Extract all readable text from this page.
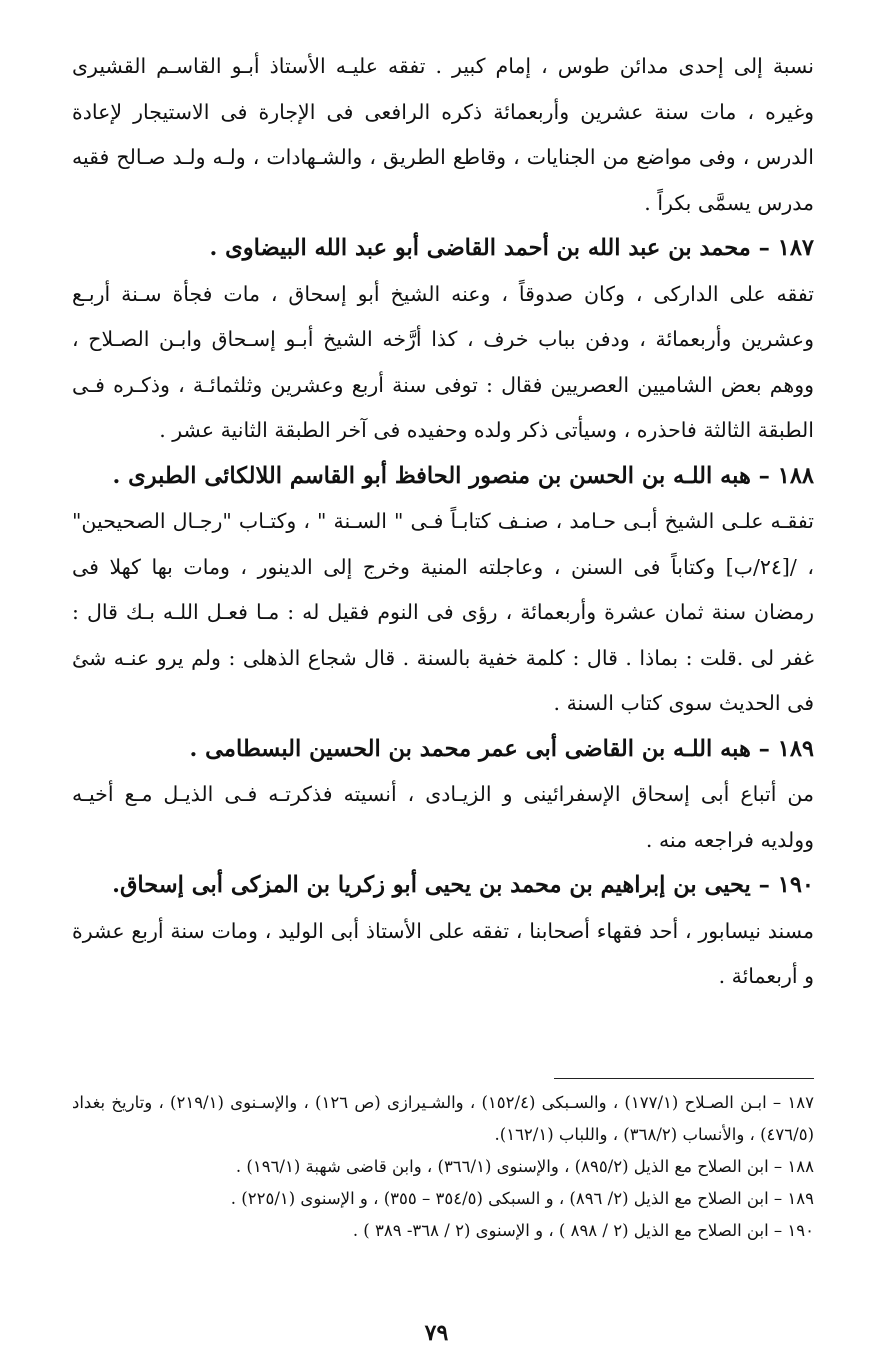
نسبة إلى إحدى مدائن طوس ، إمام كبير . تفقه عليـه الأستاذ أبـو القاسـم القشيرى وغيره ، مات سنة عشرين وأربعمائة ذكره الرافعى فى الإجارة فى الاستيجار لإعادة الدرس ، وفى مواضع من الجنايات ، وقاطع الطريق ، والشـهادات ، ولـه ولـد صـالح فقيه مدرس يسمَّى بكراً .

١٨٧ – محمد بن عبد الله بن أحمد القاضى أبو عبد الله البيضاوى .

تفقه على الداركى ، وكان صدوقاً ، وعنه الشيخ أبو إسحاق ، مات فجأة سـنة أربـع وعشرين وأربعمائة ، ودفن بباب خرف ، كذا أرَّخه الشيخ أبـو إسـحاق وابـن الصـلاح ، ووهم بعض الشاميين العصريين فقال : توفى سنة أربع وعشرين وثلثمائـة ، وذكـره فـى الطبقة الثالثة فاحذره ، وسيأتى ذكر ولده وحفيده فى آخر الطبقة الثانية عشر .

١٨٨ – هبه اللـه بن الحسن بن منصور الحافظ أبو القاسم اللالكائى الطبرى .

تفقـه علـى الشيخ أبـى حـامد ، صنـف كتابـاً فـى " السـنة " ، وكتـاب "رجـال الصحيحين" ، /[٢٤/ب] وكتاباً فى السنن ، وعاجلته المنية وخرج إلى الدينور ، ومات بها كهلا فى رمضان سنة ثمان عشرة وأربعمائة ، رؤى فى النوم فقيل له : مـا فعـل اللـه بـك قال : غفر لى .قلت : بماذا . قال : كلمة خفية بالسنة . قال شجاع الذهلى : ولم يرو عنـه شئ فى الحديث سوى كتاب السنة .

١٨٩ – هبه اللـه بن القاضى أبى عمر محمد بن الحسين البسطامى .

من أتباع أبى إسحاق الإسفرائينى و الزيـادى ، أنسيته فذكرتـه فـى الذيـل مـع أخيـه وولديه فراجعه منه .

١٩٠ – يحيى بن إبراهيم بن محمد بن يحيى أبو زكريا بن المزكى أبى إسحاق.

مسند نيسابور ، أحد فقهاء أصحابنا ، تفقه على الأستاذ أبى الوليد ، ومات سنة أربع عشرة و أربعمائة .

١٨٧ – ابـن الصـلاح (١٧٧/١) ، والسـبكى (١٥٢/٤) ، والشـيرازى (ص ١٢٦) ، والإسـنوى (٢١٩/١) ، وتاريخ بغداد (٤٧٦/٥) ، والأنساب (٣٦٨/٢) ، واللباب (١٦٢/١).

١٨٨ – ابن الصلاح مع الذيل (٨٩٥/٢) ، والإسنوى (٣٦٦/١) ، وابن قاضى شهبة (١٩٦/١) .

١٨٩ – ابن الصلاح مع الذيل (٢/ ٨٩٦) ، و السبكى (٣٥٤/٥ – ٣٥٥) ، و الإسنوى (٢٢٥/١) .

١٩٠ – ابن الصلاح مع الذيل (٢ / ٨٩٨ ) ، و الإسنوى (٢ / ٣٦٨- ٣٨٩ ) .

٧٩
